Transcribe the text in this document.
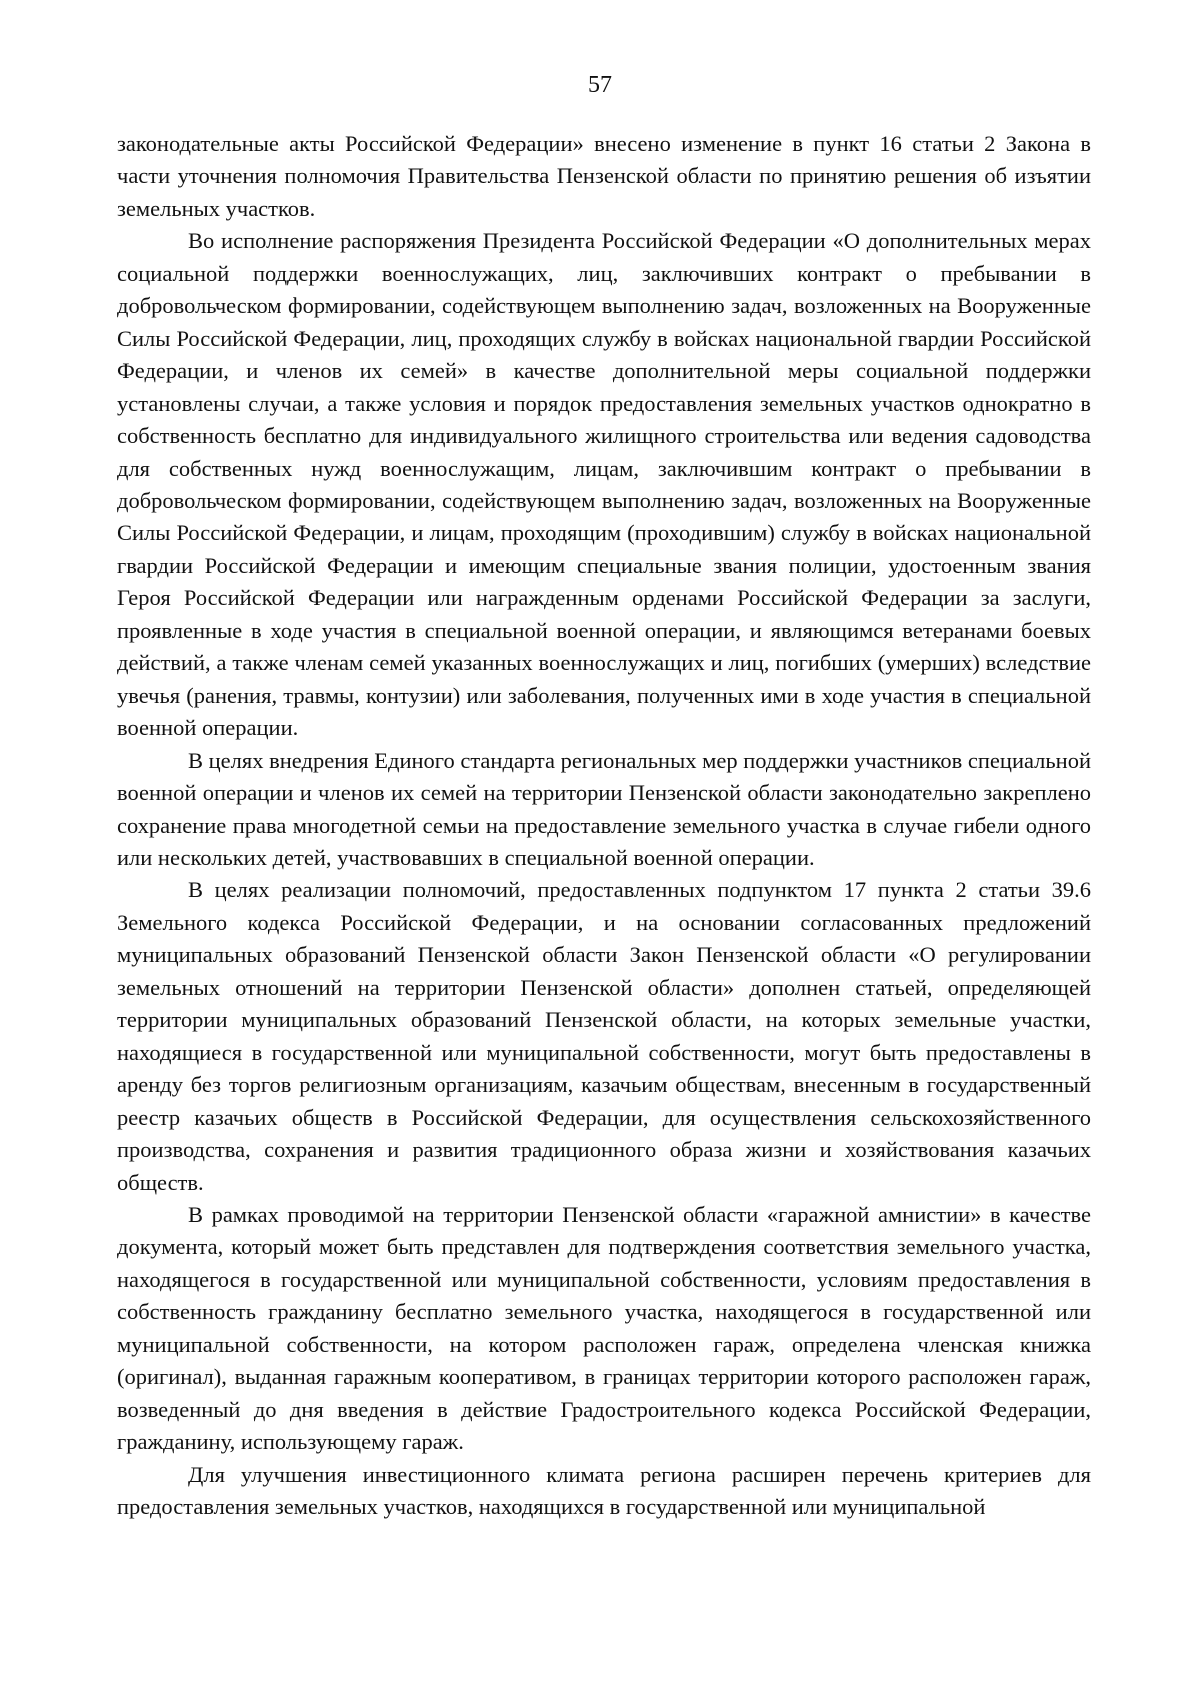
57

законодательные акты Российской Федерации» внесено изменение в пункт 16 статьи 2 Закона в части уточнения полномочия Правительства Пензенской области по принятию решения об изъятии земельных участков.

Во исполнение распоряжения Президента Российской Федерации «О дополнительных мерах социальной поддержки военнослужащих, лиц, заключивших контракт о пребывании в добровольческом формировании, содействующем выполнению задач, возложенных на Вооруженные Силы Российской Федерации, лиц, проходящих службу в войсках национальной гвардии Российской Федерации, и членов их семей» в качестве дополнительной меры социальной поддержки установлены случаи, а также условия и порядок предоставления земельных участков однократно в собственность бесплатно для индивидуального жилищного строительства или ведения садоводства для собственных нужд военнослужащим, лицам, заключившим контракт о пребывании в добровольческом формировании, содействующем выполнению задач, возложенных на Вооруженные Силы Российской Федерации, и лицам, проходящим (проходившим) службу в войсках национальной гвардии Российской Федерации и имеющим специальные звания полиции, удостоенным звания Героя Российской Федерации или награжденным орденами Российской Федерации за заслуги, проявленные в ходе участия в специальной военной операции, и являющимся ветеранами боевых действий, а также членам семей указанных военнослужащих и лиц, погибших (умерших) вследствие увечья (ранения, травмы, контузии) или заболевания, полученных ими в ходе участия в специальной военной операции.

В целях внедрения Единого стандарта региональных мер поддержки участников специальной военной операции и членов их семей на территории Пензенской области законодательно закреплено сохранение права многодетной семьи на предоставление земельного участка в случае гибели одного или нескольких детей, участвовавших в специальной военной операции.

В целях реализации полномочий, предоставленных подпунктом 17 пункта 2 статьи 39.6 Земельного кодекса Российской Федерации, и на основании согласованных предложений муниципальных образований Пензенской области Закон Пензенской области «О регулировании земельных отношений на территории Пензенской области» дополнен статьей, определяющей территории муниципальных образований Пензенской области, на которых земельные участки, находящиеся в государственной или муниципальной собственности, могут быть предоставлены в аренду без торгов религиозным организациям, казачьим обществам, внесенным в государственный реестр казачьих обществ в Российской Федерации, для осуществления сельскохозяйственного производства, сохранения и развития традиционного образа жизни и хозяйствования казачьих обществ.

В рамках проводимой на территории Пензенской области «гаражной амнистии» в качестве документа, который может быть представлен для подтверждения соответствия земельного участка, находящегося в государственной или муниципальной собственности, условиям предоставления в собственность гражданину бесплатно земельного участка, находящегося в государственной или муниципальной собственности, на котором расположен гараж, определена членская книжка (оригинал), выданная гаражным кооперативом, в границах территории которого расположен гараж, возведенный до дня введения в действие Градостроительного кодекса Российской Федерации, гражданину, использующему гараж.

Для улучшения инвестиционного климата региона расширен перечень критериев для предоставления земельных участков, находящихся в государственной или муниципальной
